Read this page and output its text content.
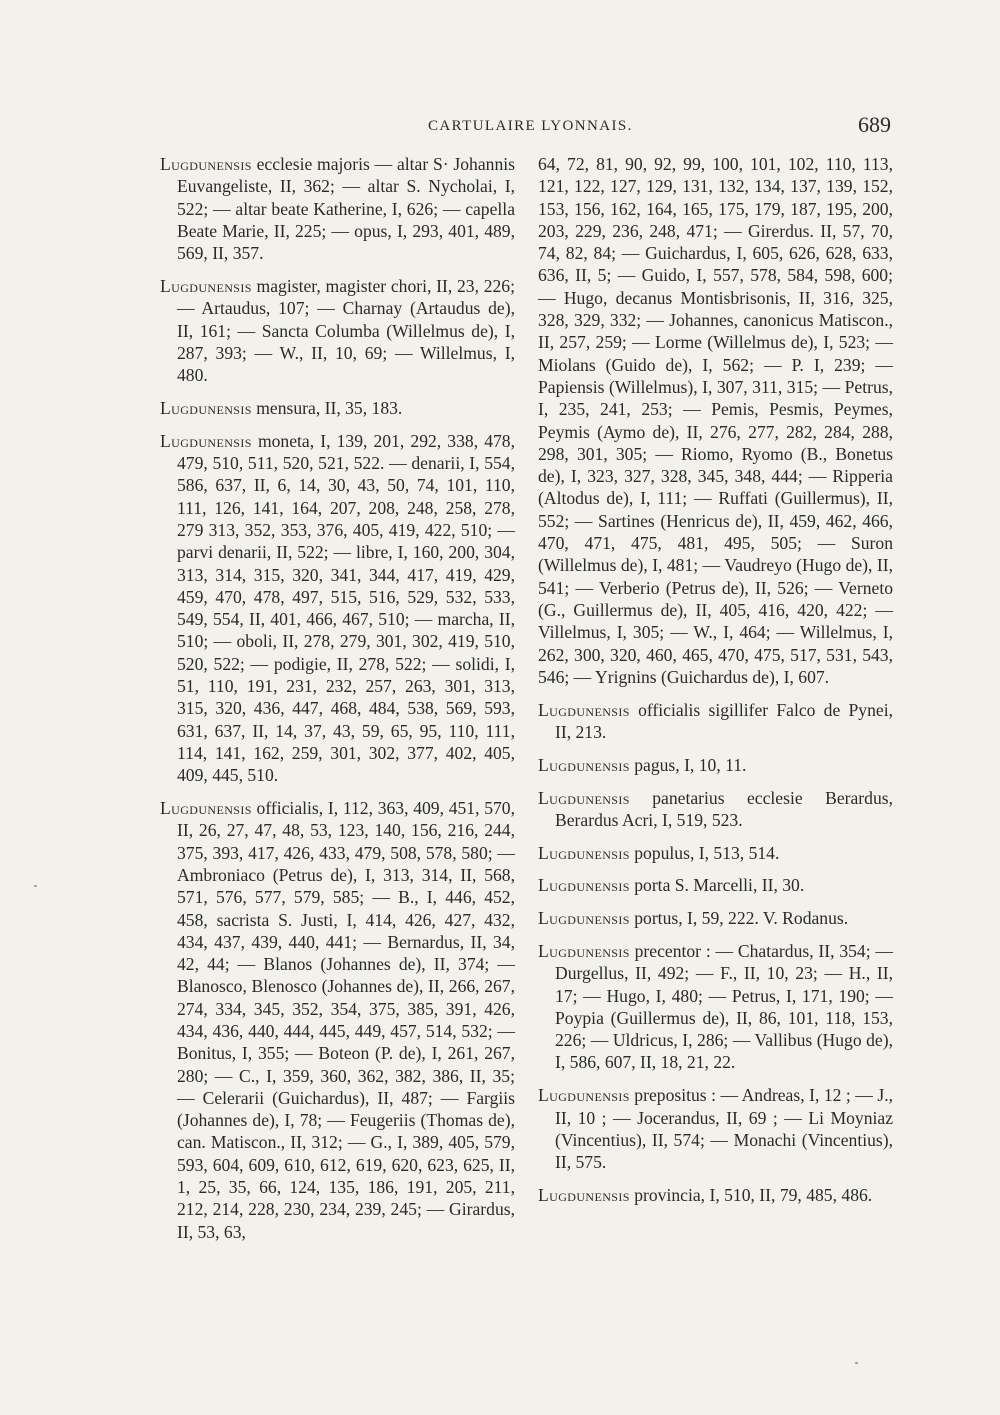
CARTULAIRE LYONNAIS.	689

Lugdunensis ecclesie majoris — altar S· Johannis Euvangeliste, II, 362; — altar S. Nycholai, I, 522; — altar beate Katherine, I, 626; — capella Beate Marie, II, 225; — opus, I, 293, 401, 489, 569, II, 357.

Lugdunensis magister, magister chori, II, 23, 226; — Artaudus, 107; — Charnay (Artaudus de), II, 161; — Sancta Columba (Willelmus de), I, 287, 393; — W., II, 10, 69; — Willelmus, I, 480.

Lugdunensis mensura, II, 35, 183.

Lugdunensis moneta, I, 139, 201, 292, 338, 478, 479, 510, 511, 520, 521, 522. — denarii, I, 554, 586, 637, II, 6, 14, 30, 43, 50, 74, 101, 110, 111, 126, 141, 164, 207, 208, 248, 258, 278, 279 313, 352, 353, 376, 405, 419, 422, 510; — parvi denarii, II, 522; — libre, I, 160, 200, 304, 313, 314, 315, 320, 341, 344, 417, 419, 429, 459, 470, 478, 497, 515, 516, 529, 532, 533, 549, 554, II, 401, 466, 467, 510; — marcha, II, 510; — oboli, II, 278, 279, 301, 302, 419, 510, 520, 522; — podigie, II, 278, 522; — solidi, I, 51, 110, 191, 231, 232, 257, 263, 301, 313, 315, 320, 436, 447, 468, 484, 538, 569, 593, 631, 637, II, 14, 37, 43, 59, 65, 95, 110, 111, 114, 141, 162, 259, 301, 302, 377, 402, 405, 409, 445, 510.

Lugdunensis officialis, I, 112, 363, 409, 451, 570, II, 26, 27, 47, 48, 53, 123, 140, 156, 216, 244, 375, 393, 417, 426, 433, 479, 508, 578, 580; — Ambroniaco (Petrus de), I, 313, 314, II, 568, 571, 576, 577, 579, 585; — B., I, 446, 452, 458, sacrista S. Justi, I, 414, 426, 427, 432, 434, 437, 439, 440, 441; — Bernardus, II, 34, 42, 44; — Blanos (Johannes de), II, 374; — Blanosco, Blenosco (Johannes de), II, 266, 267, 274, 334, 345, 352, 354, 375, 385, 391, 426, 434, 436, 440, 444, 445, 449, 457, 514, 532; — Bonitus, I, 355; — Boteon (P. de), I, 261, 267, 280; — C., I, 359, 360, 362, 382, 386, II, 35; — Celerarii (Guichardus), II, 487; — Fargiis (Johannes de), I, 78; — Feugeriis (Thomas de), can. Matiscon., II, 312; — G., I, 389, 405, 579, 593, 604, 609, 610, 612, 619, 620, 623, 625, II, 1, 25, 35, 66, 124, 135, 186, 191, 205, 211, 212, 214, 228, 230, 234, 239, 245; — Girardus, II, 53, 63,

64, 72, 81, 90, 92, 99, 100, 101, 102, 110, 113, 121, 122, 127, 129, 131, 132, 134, 137, 139, 152, 153, 156, 162, 164, 165, 175, 179, 187, 195, 200, 203, 229, 236, 248, 471; — Girerdus. II, 57, 70, 74, 82, 84; — Guichardus, I, 605, 626, 628, 633, 636, II, 5; — Guido, I, 557, 578, 584, 598, 600; — Hugo, decanus Montisbrisonis, II, 316, 325, 328, 329, 332; — Johannes, canonicus Matiscon., II, 257, 259; — Lorme (Willelmus de), I, 523; — Miolans (Guido de), I, 562; — P. I, 239; — Papiensis (Willelmus), I, 307, 311, 315; — Petrus, I, 235, 241, 253; — Pemis, Pesmis, Peymes, Peymis (Aymo de), II, 276, 277, 282, 284, 288, 298, 301, 305; — Riomo, Ryomo (B., Bonetus de), I, 323, 327, 328, 345, 348, 444; — Ripperia (Altodus de), I, 111; — Ruffati (Guillermus), II, 552; — Sartines (Henricus de), II, 459, 462, 466, 470, 471, 475, 481, 495, 505; — Suron (Willelmus de), I, 481; — Vaudreyo (Hugo de), II, 541; — Verberio (Petrus de), II, 526; — Verneto (G., Guillermus de), II, 405, 416, 420, 422; — Villelmus, I, 305; — W., I, 464; — Willelmus, I, 262, 300, 320, 460, 465, 470, 475, 517, 531, 543, 546; — Yrignins (Guichardus de), I, 607.

Lugdunensis officialis sigillifer Falco de Pynei, II, 213.

Lugdunensis pagus, I, 10, 11.

Lugdunensis panetarius ecclesie Berardus, Berardus Acri, I, 519, 523.

Lugdunensis populus, I, 513, 514.

Lugdunensis porta S. Marcelli, II, 30.

Lugdunensis portus, I, 59, 222. V. Rodanus.

Lugdunensis precentor : — Chatardus, II, 354; — Durgellus, II, 492; — F., II, 10, 23; — H., II, 17; — Hugo, I, 480; — Petrus, I, 171, 190; — Poypia (Guillermus de), II, 86, 101, 118, 153, 226; — Uldricus, I, 286; — Vallibus (Hugo de), I, 586, 607, II, 18, 21, 22.

Lugdunensis prepositus : — Andreas, I, 12 ; — J., II, 10 ; — Jocerandus, II, 69 ; — Li Moyniaz (Vincentius), II, 574; — Monachi (Vincentius), II, 575.

Lugdunensis provincia, I, 510, II, 79, 485, 486.
